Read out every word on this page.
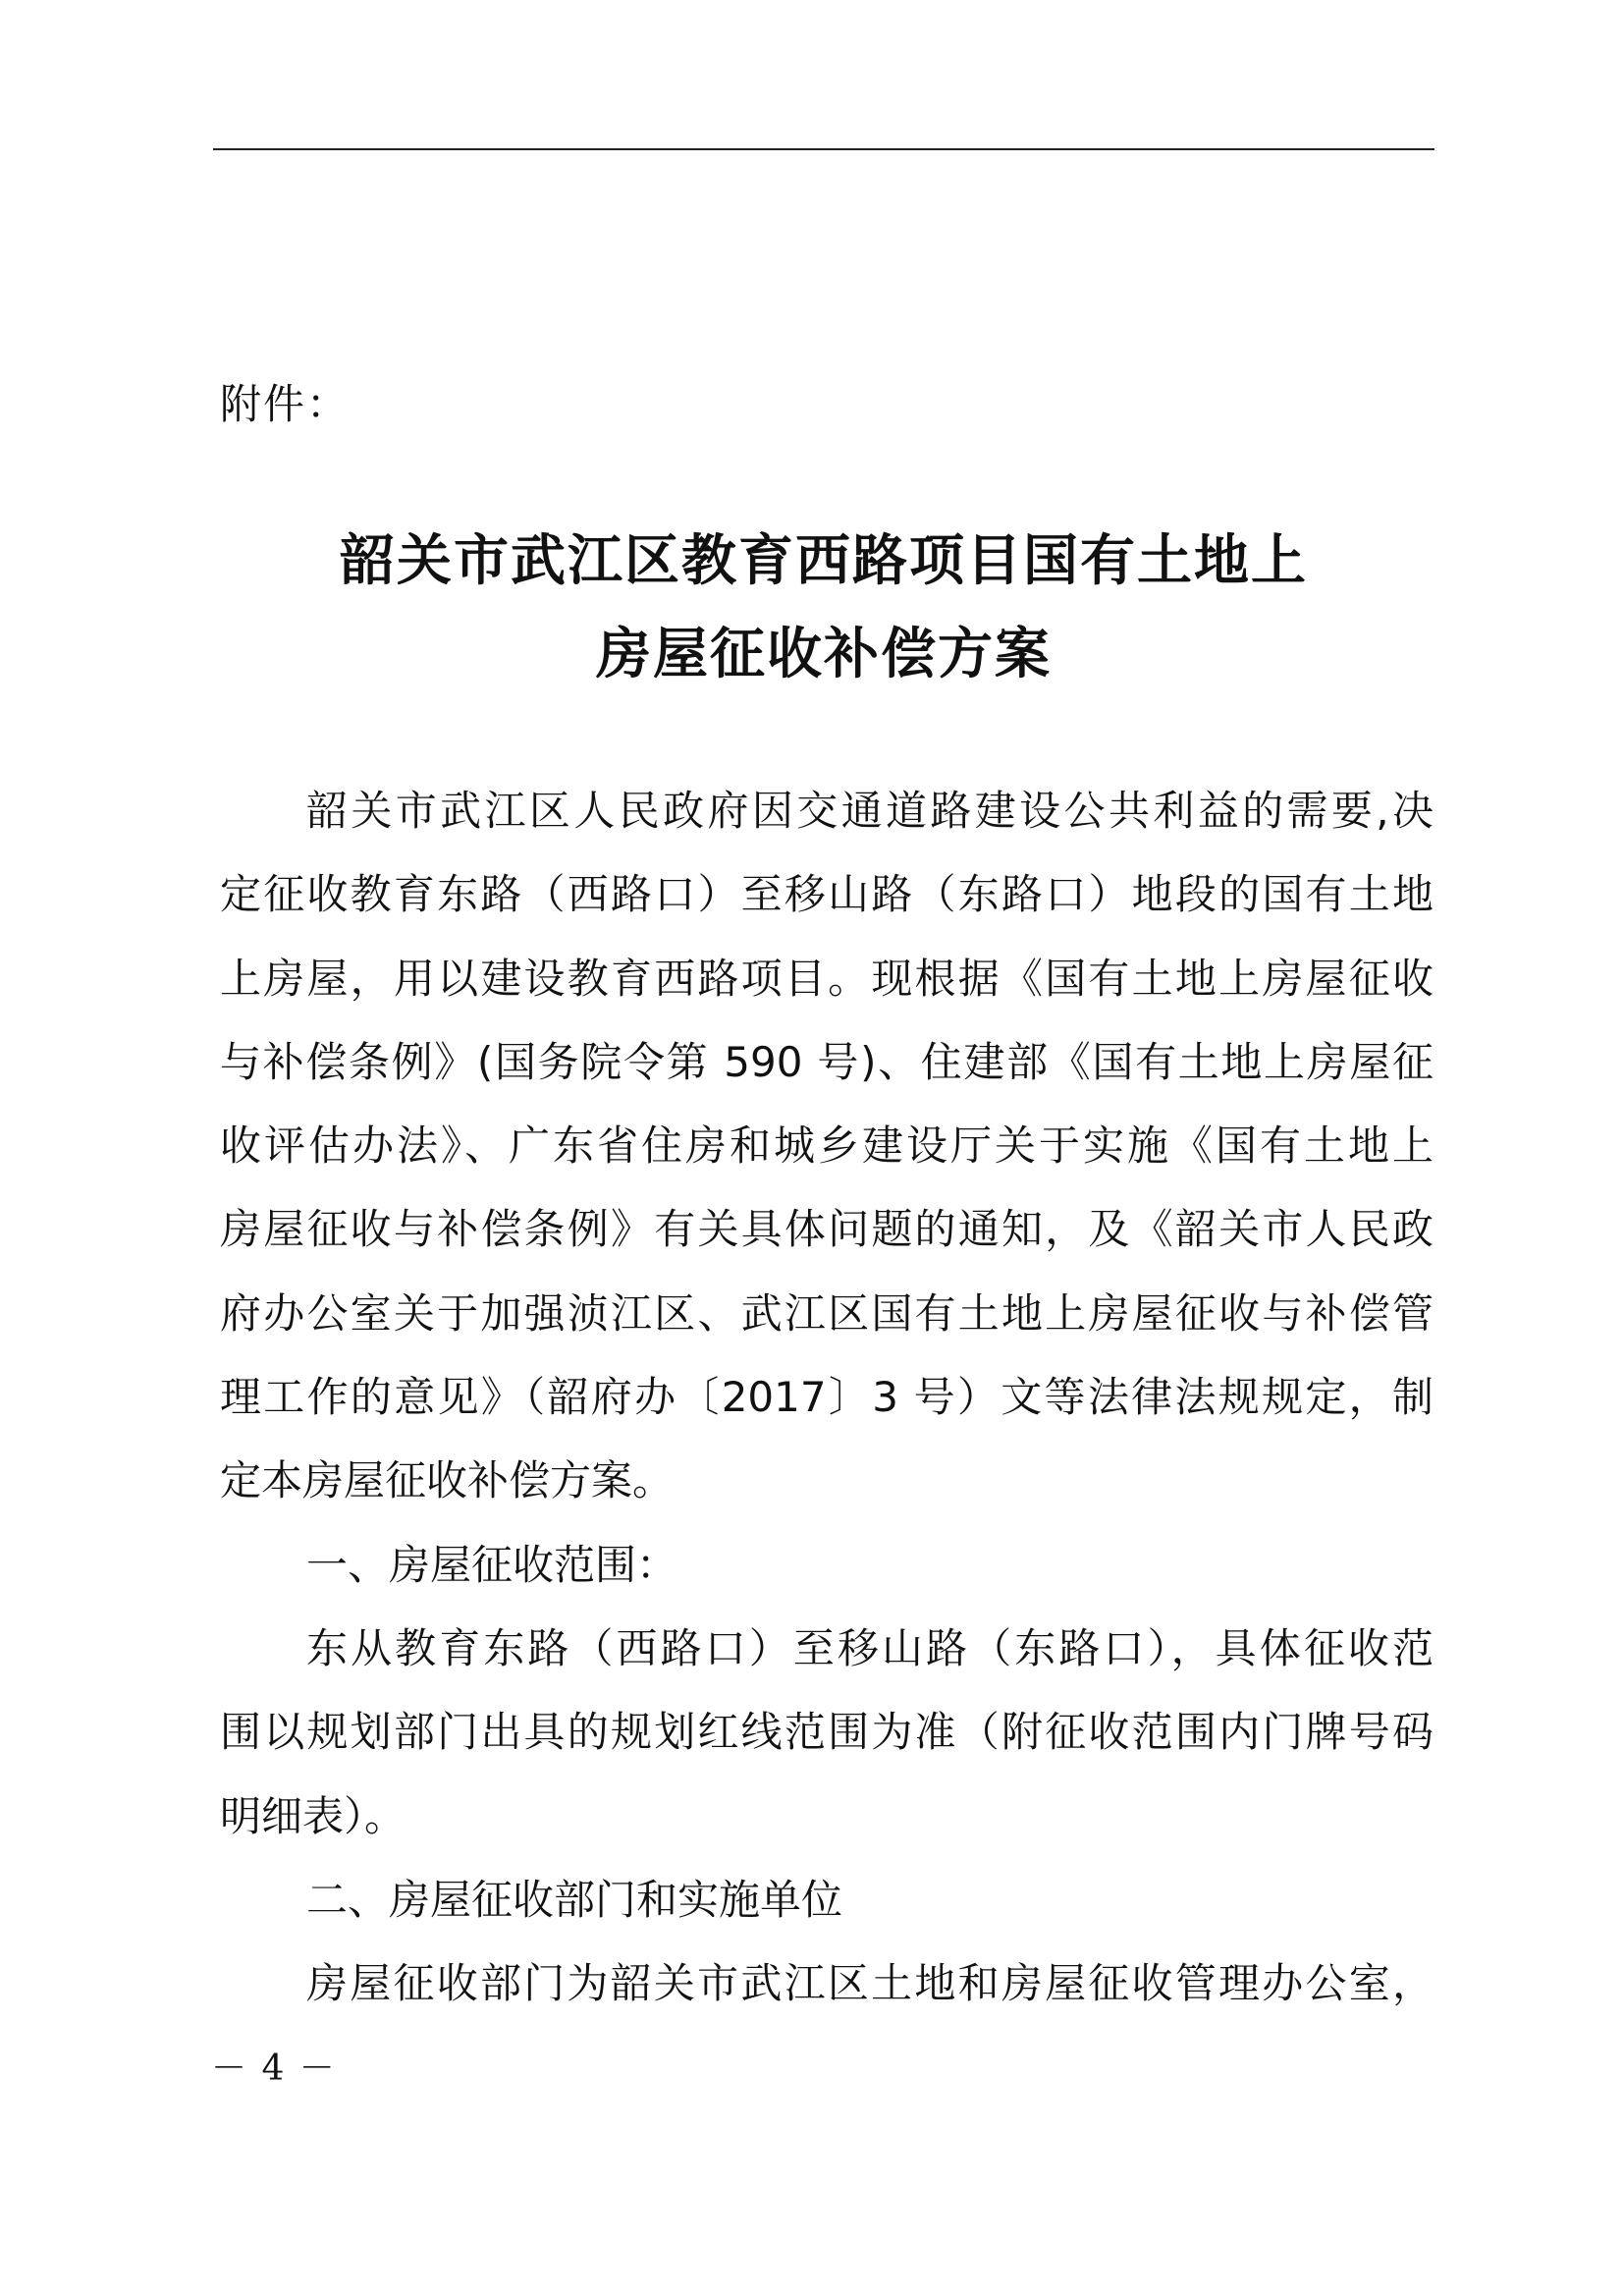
附件：
韶关市武江区教育西路项目国有土地上
房屋征收补偿方案
韶关市武江区人民政府因交通道路建设公共利益的需要,决
定征收教育东路（西路口）至移山路（东路口）地段的国有土地
上房屋，用以建设教育西路项目。现根据《国有土地上房屋征收
与补偿条例》(国务院令第 590 号)、住建部《国有土地上房屋征
收评估办法》、广东省住房和城乡建设厅关于实施《国有土地上
房屋征收与补偿条例》有关具体问题的通知，及《韶关市人民政
府办公室关于加强浈江区、武江区国有土地上房屋征收与补偿管
理工作的意见》（韶府办〔2017〕3 号）文等法律法规规定，制
定本房屋征收补偿方案。
一、房屋征收范围：
东从教育东路（西路口）至移山路（东路口），具体征收范
围以规划部门出具的规划红线范围为准（附征收范围内门牌号码
明细表）。
二、房屋征收部门和实施单位
房屋征收部门为韶关市武江区土地和房屋征收管理办公室，
－ 4 －
